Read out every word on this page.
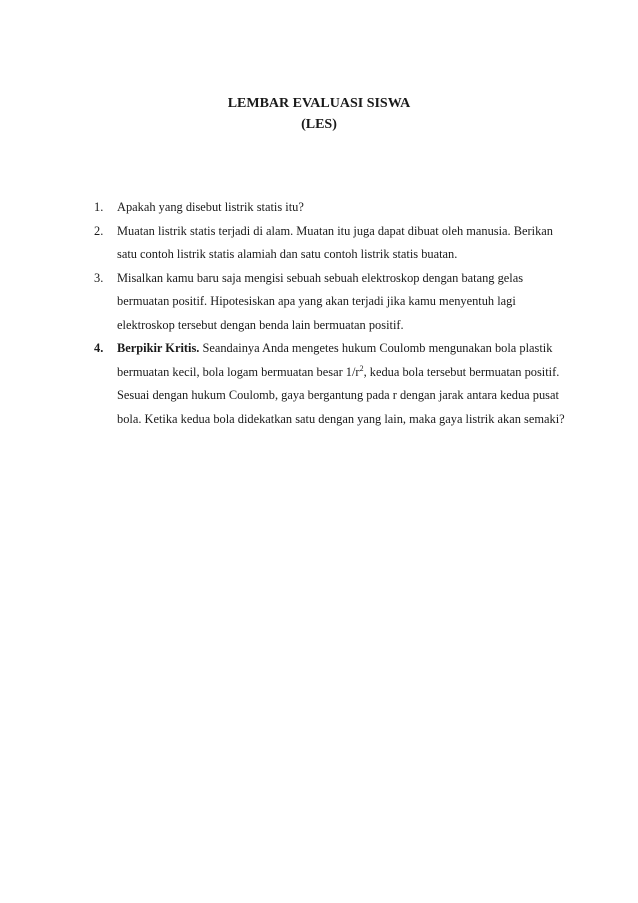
LEMBAR EVALUASI SISWA
(LES)
1. Apakah yang disebut listrik statis itu?
2. Muatan listrik statis terjadi di alam. Muatan itu juga dapat dibuat oleh manusia. Berikan satu contoh listrik statis alamiah dan satu contoh listrik statis buatan.
3. Misalkan kamu baru saja mengisi sebuah sebuah elektroskop dengan batang gelas bermuatan positif. Hipotesiskan apa yang akan terjadi jika kamu menyentuh lagi elektroskop tersebut dengan benda lain bermuatan positif.
4. Berpikir Kritis. Seandainya Anda mengetes hukum Coulomb mengunakan bola plastik bermuatan kecil, bola logam bermuatan besar $1/r^2$, kedua bola tersebut bermuatan positif. Sesuai dengan hukum Coulomb, gaya bergantung pada r dengan jarak antara kedua pusat bola. Ketika kedua bola didekatkan satu dengan yang lain, maka gaya listrik akan semaki?
